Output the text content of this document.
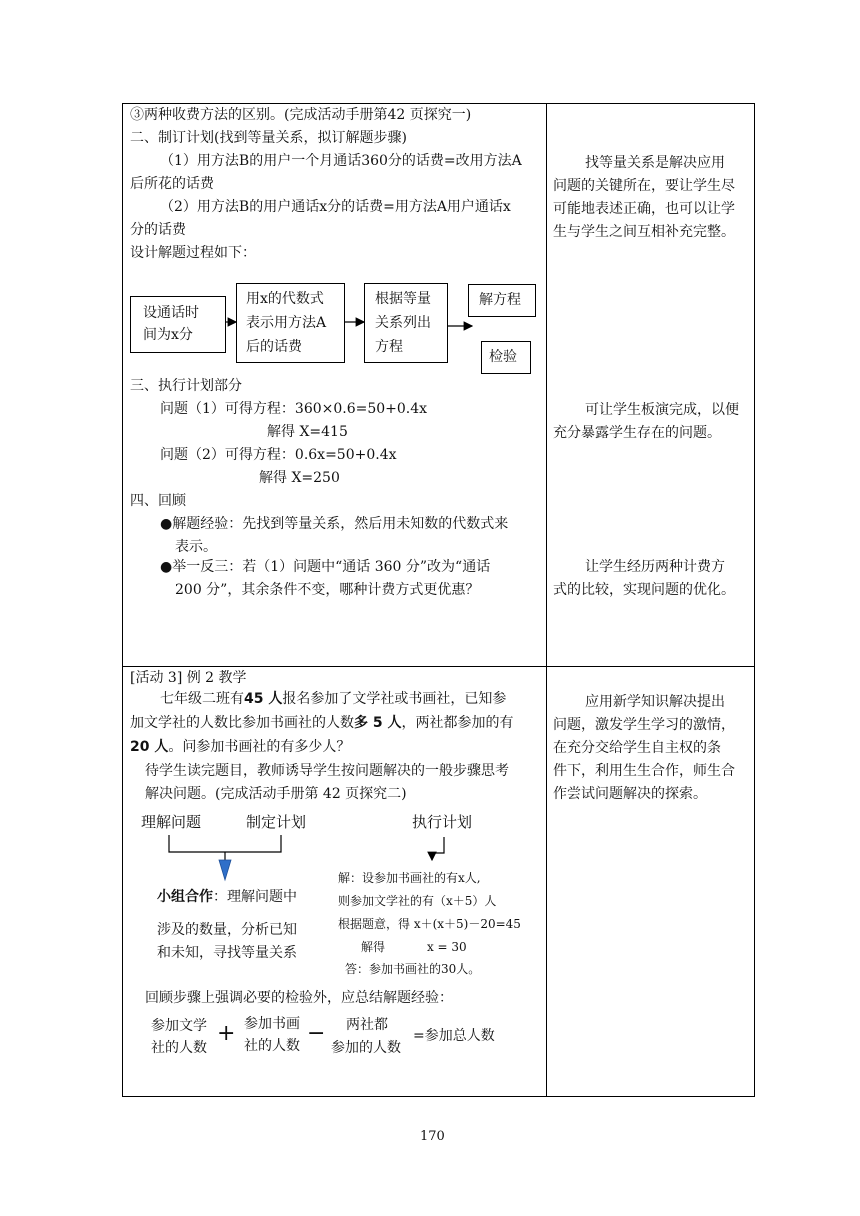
③两种收费方法的区别。(完成活动手册第42 页探究一)
二、制订计划(找到等量关系，拟订解题步骤)
（1）用方法B的用户一个月通话360分的话费=改用方法A
后所花的话费
（2）用方法B的用户通话x分的话费=用方法A用户通话x
分的话费
设计解题过程如下：
设通话时
间为x分
用x的代数式
表示用方法A
后的话费
根据等量
关系列出
方程
解方程
检验
三、执行计划部分
问题（1）可得方程：360×0.6=50+0.4x
解得 X=415
问题（2）可得方程：0.6x=50+0.4x
解得 X=250
四、回顾
●解题经验：先找到等量关系，然后用未知数的代数式来
表示。
●举一反三：若（1）问题中“通话 360 分”改为“通话
200 分”，其余条件不变，哪种计费方式更优惠？
找等量关系是解决应用
问题的关键所在，要让学生尽
可能地表述正确，也可以让学
生与学生之间互相补充完整。
可让学生板演完成，以便
充分暴露学生存在的问题。
让学生经历两种计费方
式的比较，实现问题的优化。
[活动 3] 例 2 教学
七年级二班有45 人报名参加了文学社或书画社，已知参
加文学社的人数比参加书画社的人数多 5 人，两社都参加的有
20 人。问参加书画社的有多少人？
待学生读完题目，教师诱导学生按问题解决的一般步骤思考
解决问题。(完成活动手册第 42 页探究二)
理解问题	制定计划	执行计划
小组合作：理解问题中
涉及的数量，分析已知
和未知，寻找等量关系
解：设参加书画社的有x人,
则参加文学社的有（x＋5）人
根据题意，得 x＋(x＋5)－20=45
解得           x = 30
答：参加书画社的30人。
回顾步骤上强调必要的检验外，应总结解题经验：
参加文学
社的人数
+ 参加书画
社的人数 − 两社都
参加的人数
=参加总人数
应用新学知识解决提出
问题，激发学生学习的激情，
在充分交给学生自主权的条
件下，利用生生合作，师生合
作尝试问题解决的探索。
170
